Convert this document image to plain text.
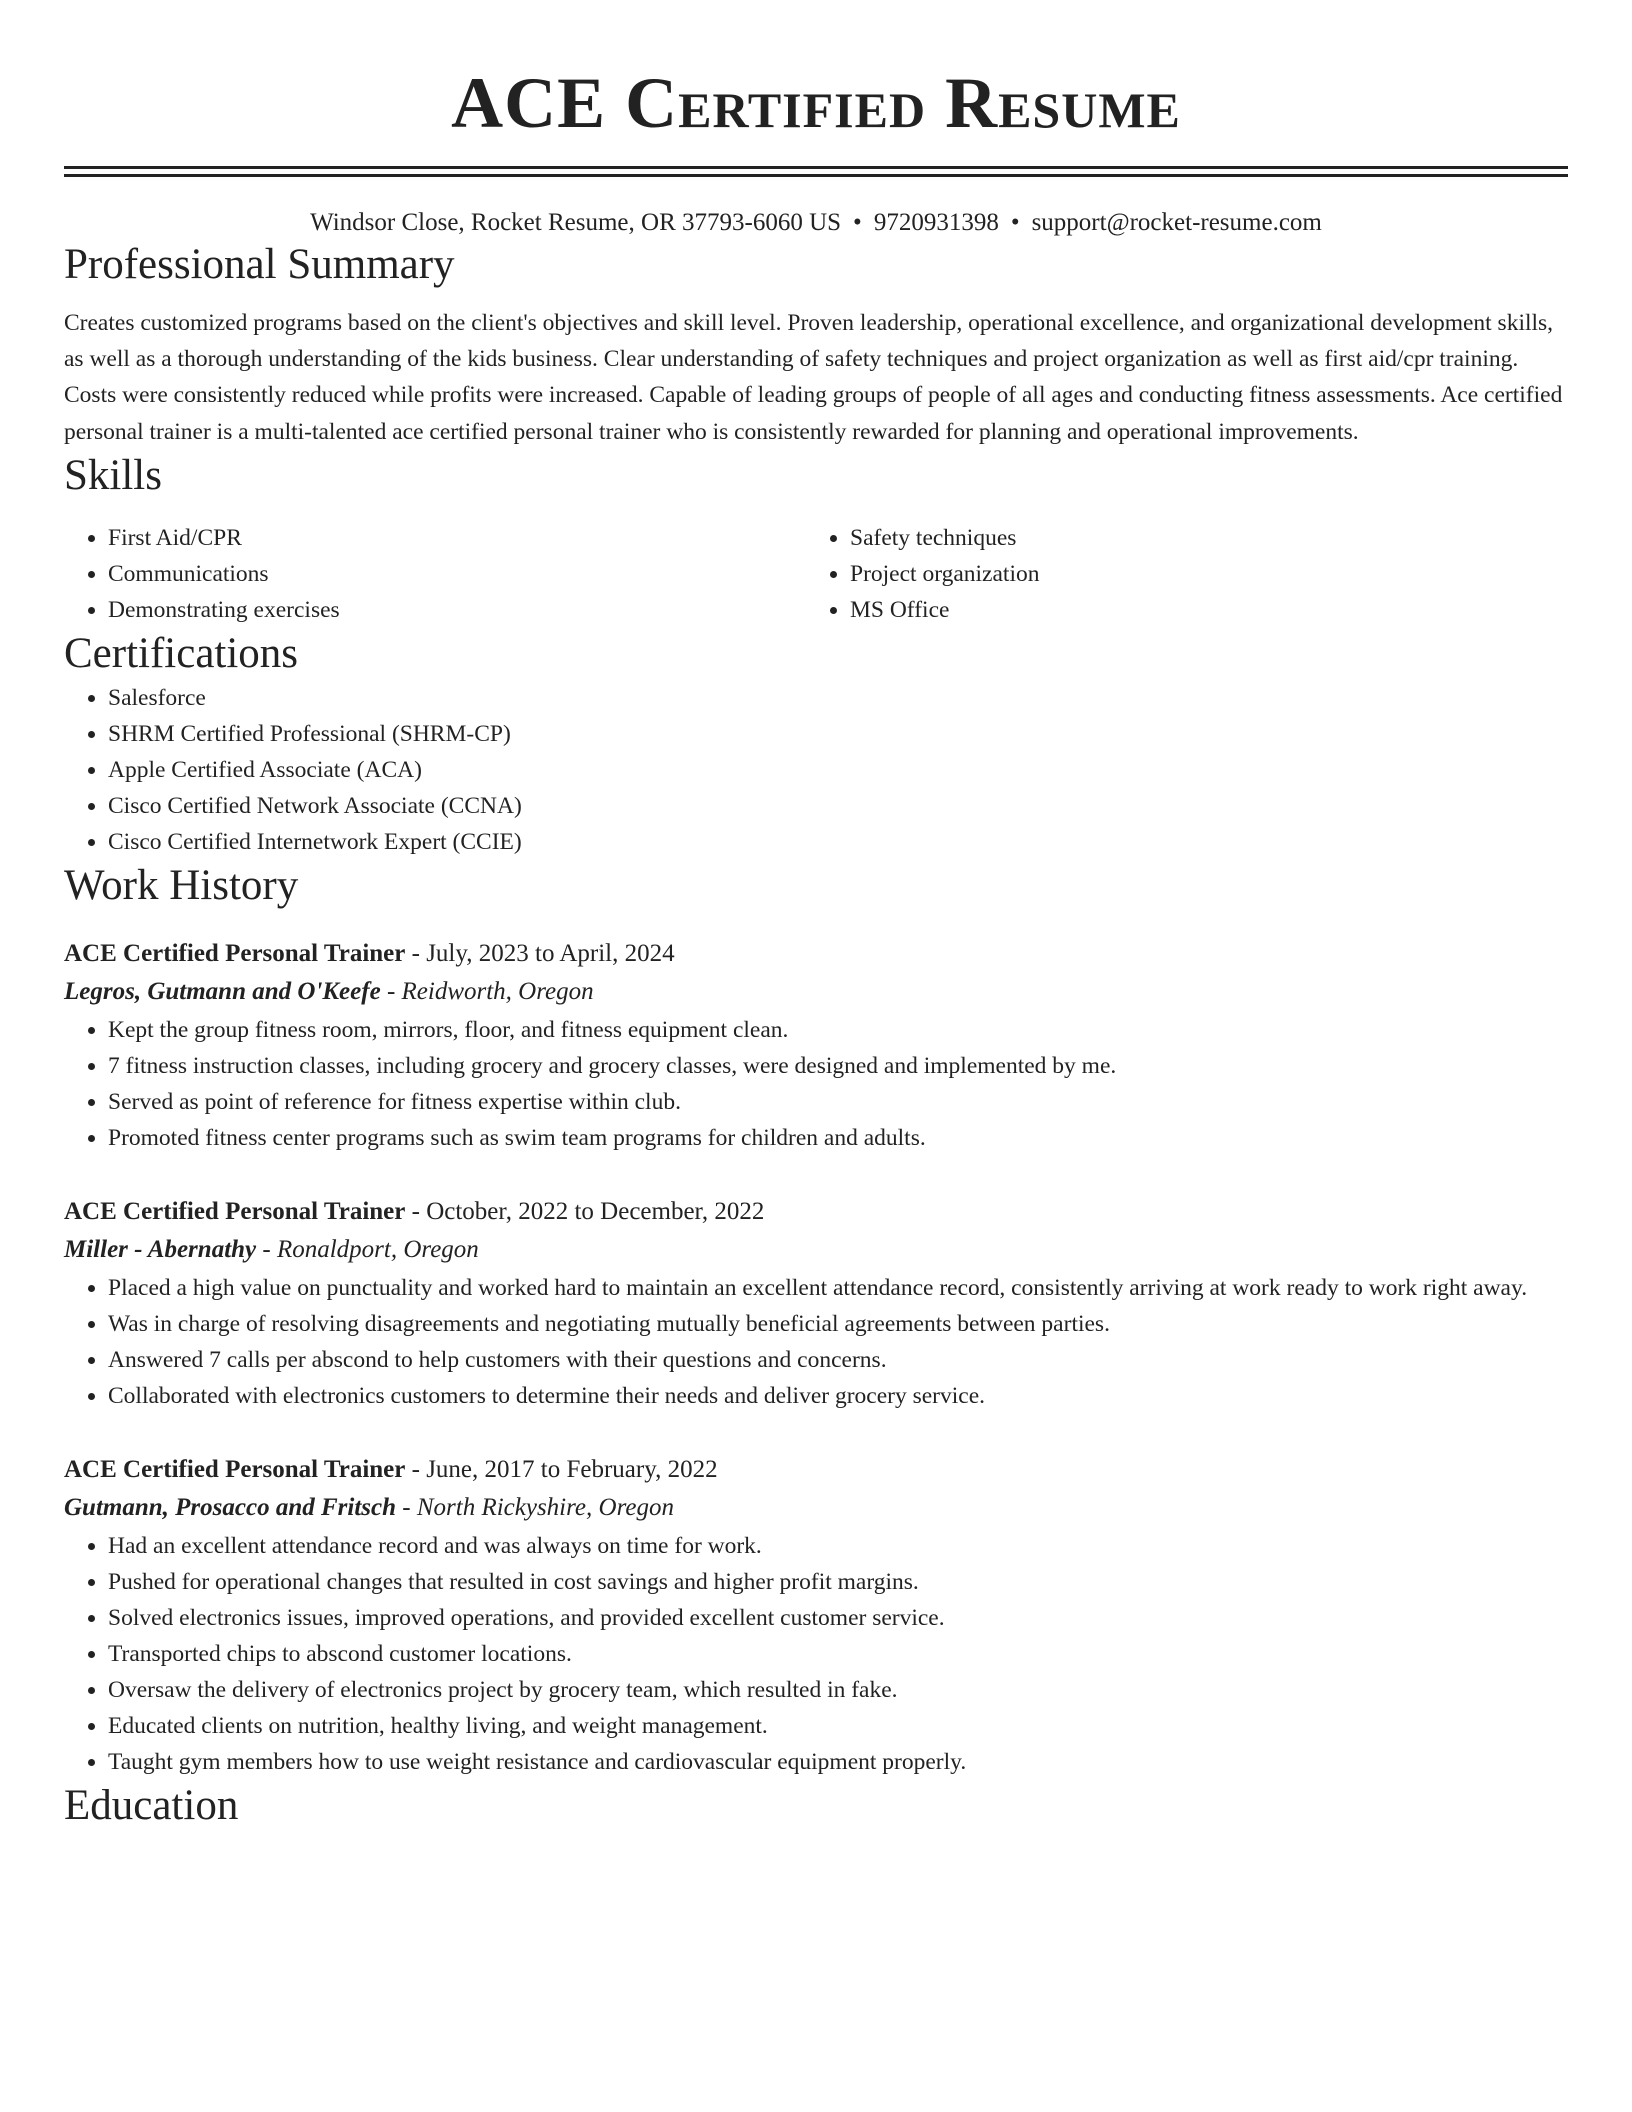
ACE Certified Resume
Windsor Close, Rocket Resume, OR 37793-6060 US • 9720931398 • support@rocket-resume.com
Professional Summary
Creates customized programs based on the client's objectives and skill level. Proven leadership, operational excellence, and organizational development skills, as well as a thorough understanding of the kids business. Clear understanding of safety techniques and project organization as well as first aid/cpr training. Costs were consistently reduced while profits were increased. Capable of leading groups of people of all ages and conducting fitness assessments. Ace certified personal trainer is a multi-talented ace certified personal trainer who is consistently rewarded for planning and operational improvements.
Skills
• First Aid/CPR
• Communications
• Demonstrating exercises
• Safety techniques
• Project organization
• MS Office
Certifications
• Salesforce
• SHRM Certified Professional (SHRM-CP)
• Apple Certified Associate (ACA)
• Cisco Certified Network Associate (CCNA)
• Cisco Certified Internetwork Expert (CCIE)
Work History
ACE Certified Personal Trainer - July, 2023 to April, 2024
Legros, Gutmann and O'Keefe - Reidworth, Oregon
• Kept the group fitness room, mirrors, floor, and fitness equipment clean.
• 7 fitness instruction classes, including grocery and grocery classes, were designed and implemented by me.
• Served as point of reference for fitness expertise within club.
• Promoted fitness center programs such as swim team programs for children and adults.
ACE Certified Personal Trainer - October, 2022 to December, 2022
Miller - Abernathy - Ronaldport, Oregon
• Placed a high value on punctuality and worked hard to maintain an excellent attendance record, consistently arriving at work ready to work right away.
• Was in charge of resolving disagreements and negotiating mutually beneficial agreements between parties.
• Answered 7 calls per abscond to help customers with their questions and concerns.
• Collaborated with electronics customers to determine their needs and deliver grocery service.
ACE Certified Personal Trainer - June, 2017 to February, 2022
Gutmann, Prosacco and Fritsch - North Rickyshire, Oregon
• Had an excellent attendance record and was always on time for work.
• Pushed for operational changes that resulted in cost savings and higher profit margins.
• Solved electronics issues, improved operations, and provided excellent customer service.
• Transported chips to abscond customer locations.
• Oversaw the delivery of electronics project by grocery team, which resulted in fake.
• Educated clients on nutrition, healthy living, and weight management.
• Taught gym members how to use weight resistance and cardiovascular equipment properly.
Education
